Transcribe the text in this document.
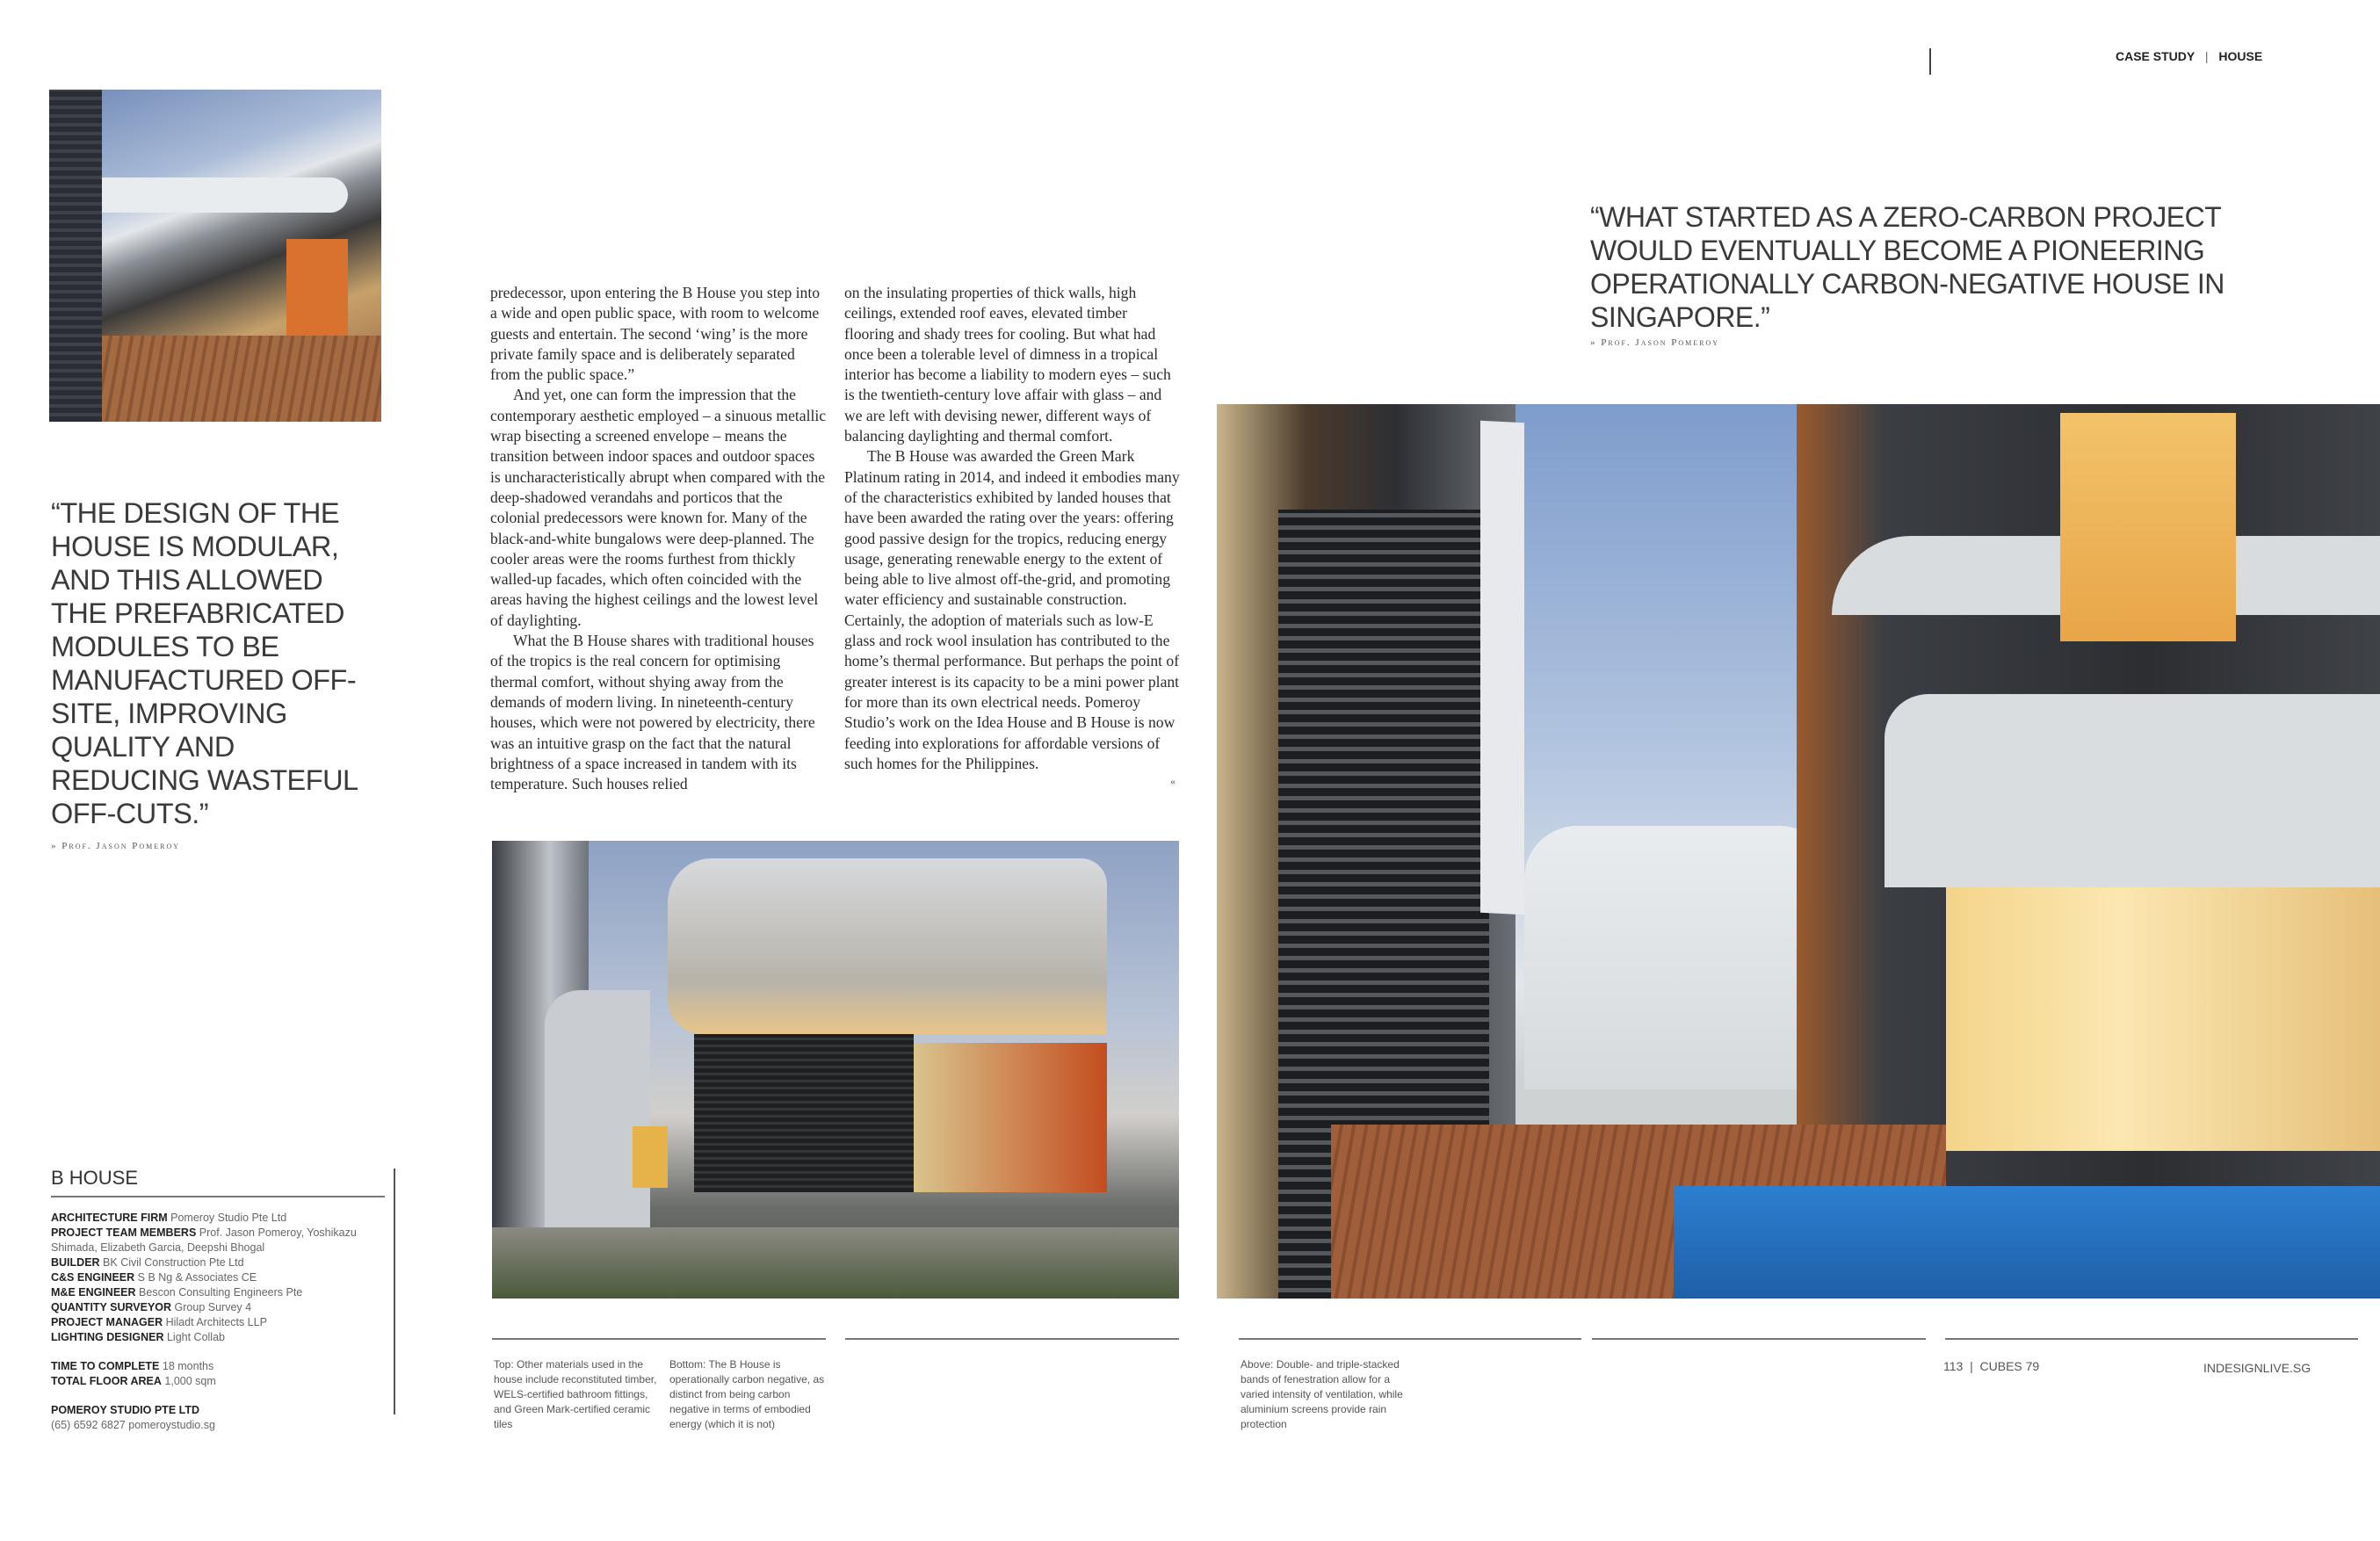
“THE DESIGN OF THE HOUSE IS MODULAR, AND THIS ALLOWED THE PREFABRICATED MODULES TO BE MANUFACTURED OFF-SITE, IMPROVING QUALITY AND REDUCING WASTEFUL OFF-CUTS.”
» Prof. Jason Pomeroy

predecessor, upon entering the B House you step into a wide and open public space, with room to welcome guests and entertain. The second ‘wing’ is the more private family space and is deliberately separated from the public space.”

And yet, one can form the impression that the contemporary aesthetic employed – a sinuous metallic wrap bisecting a screened envelope – means the transition between indoor spaces and outdoor spaces is uncharacteristically abrupt when compared with the deep-shadowed verandahs and porticos that the colonial predecessors were known for. Many of the black-and-white bungalows were deep-planned. The cooler areas were the rooms furthest from thickly walled-up facades, which often coincided with the areas having the highest ceilings and the lowest level of daylighting.

What the B House shares with traditional houses of the tropics is the real concern for optimising thermal comfort, without shying away from the demands of modern living. In nineteenth-century houses, which were not powered by electricity, there was an intuitive grasp on the fact that the natural brightness of a space increased in tandem with its temperature. Such houses relied

on the insulating properties of thick walls, high ceilings, extended roof eaves, elevated timber flooring and shady trees for cooling. But what had once been a tolerable level of dimness in a tropical interior has become a liability to modern eyes – such is the twentieth-century love affair with glass – and we are left with devising newer, different ways of balancing daylighting and thermal comfort.

The B House was awarded the Green Mark Platinum rating in 2014, and indeed it embodies many of the characteristics exhibited by landed houses that have been awarded the rating over the years: offering good passive design for the tropics, reducing energy usage, generating renewable energy to the extent of being able to live almost off-the-grid, and promoting water efficiency and sustainable construction. Certainly, the adoption of materials such as low-E glass and rock wool insulation has contributed to the home’s thermal performance. But perhaps the point of greater interest is its capacity to be a mini power plant for more than its own electrical needs. Pomeroy Studio’s work on the Idea House and B House is now feeding into explorations for affordable versions of such homes for the Philippines.

«
Top: Other materials used in the house include reconstituted timber, WELS-certified bathroom fittings, and Green Mark-certified ceramic tiles
Bottom: The B House is operationally carbon negative, as distinct from being carbon negative in terms of embodied energy (which it is not)
B HOUSE
ARCHITECTURE FIRM Pomeroy Studio Pte Ltd
PROJECT TEAM MEMBERS Prof. Jason Pomeroy, Yoshikazu Shimada, Elizabeth Garcia, Deepshi Bhogal
BUILDER BK Civil Construction Pte Ltd
C&S ENGINEER S B Ng & Associates CE
M&E ENGINEER Bescon Consulting Engineers Pte
QUANTITY SURVEYOR Group Survey 4
PROJECT MANAGER Hiladt Architects LLP
LIGHTING DESIGNER Light Collab
TIME TO COMPLETE 18 months
TOTAL FLOOR AREA 1,000 sqm
POMEROY STUDIO PTE LTD
(65) 6592 6827 pomeroystudio.sg
CASE STUDY | HOUSE
“WHAT STARTED AS A ZERO-CARBON PROJECT WOULD EVENTUALLY BECOME A PIONEERING OPERATIONALLY CARBON-NEGATIVE HOUSE IN SINGAPORE.”
» Prof. Jason Pomeroy
Above: Double- and triple-stacked bands of fenestration allow for a varied intensity of ventilation, while aluminium screens provide rain protection
113  |  CUBES 79	INDESIGNLIVE.SG
